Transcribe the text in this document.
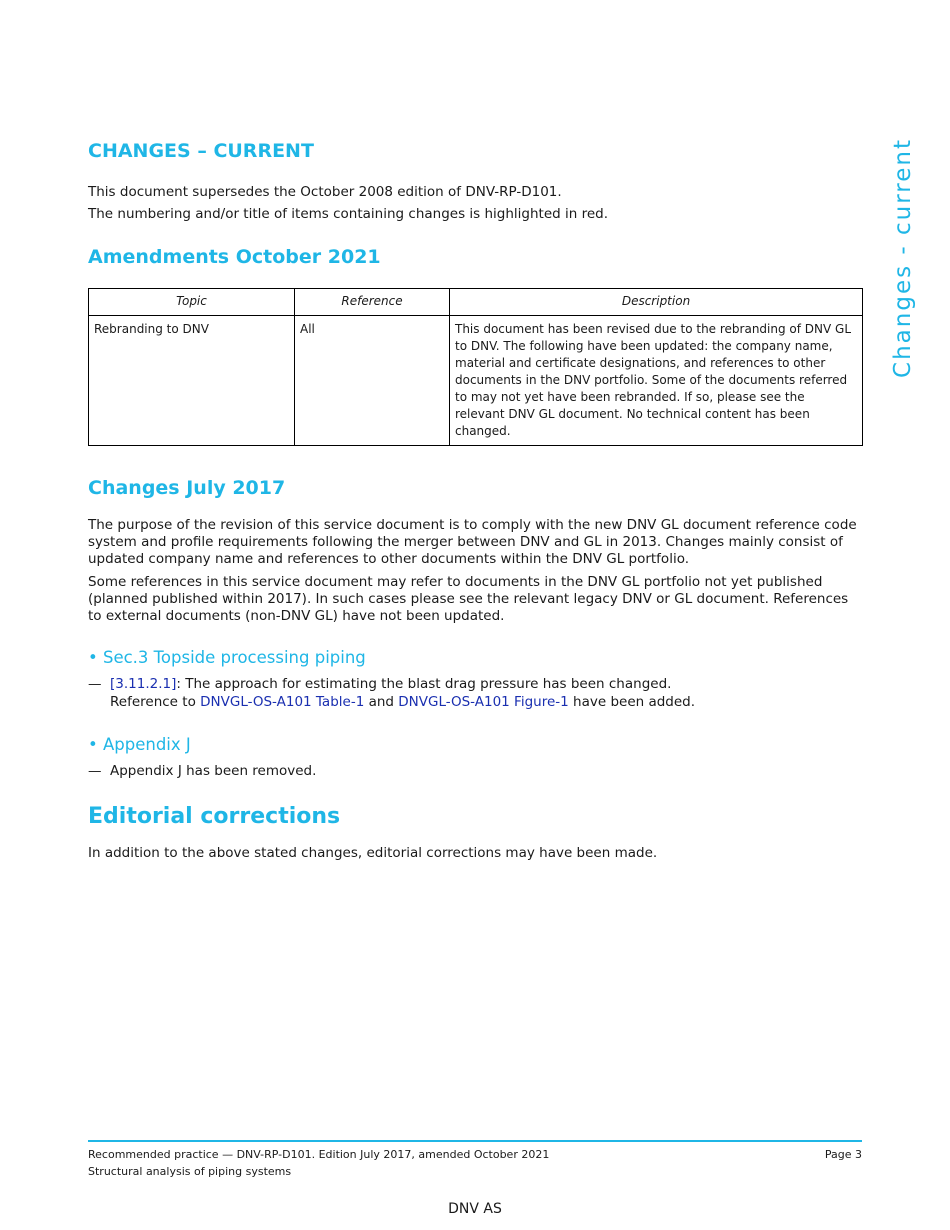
Changes - current
CHANGES – CURRENT

This document supersedes the October 2008 edition of DNV-RP-D101.

The numbering and/or title of items containing changes is highlighted in red.

Amendments October 2021
Topic	Reference	Description
Rebranding to DNV	All	This document has been revised due to the rebranding of DNV GL to DNV. The following have been updated: the company name, material and certificate designations, and references to other documents in the DNV portfolio. Some of the documents referred to may not yet have been rebranded. If so, please see the relevant DNV GL document. No technical content has been changed.
Changes July 2017

The purpose of the revision of this service document is to comply with the new DNV GL document reference code system and profile requirements following the merger between DNV and GL in 2013. Changes mainly consist of updated company name and references to other documents within the DNV GL portfolio.

Some references in this service document may refer to documents in the DNV GL portfolio not yet published (planned published within 2017). In such cases please see the relevant legacy DNV or GL document. References to external documents (non-DNV GL) have not been updated.

• Sec.3 Topside processing piping
— [3.11.2.1]: The approach for estimating the blast drag pressure has been changed.
Reference to DNVGL-OS-A101 Table-1 and DNVGL-OS-A101 Figure-1 have been added.
• Appendix J
— Appendix J has been removed.
Editorial corrections
In addition to the above stated changes, editorial corrections may have been made.
Recommended practice — DNV-RP-D101. Edition July 2017, amended October 2021
Structural analysis of piping systems
Page 3
DNV AS
